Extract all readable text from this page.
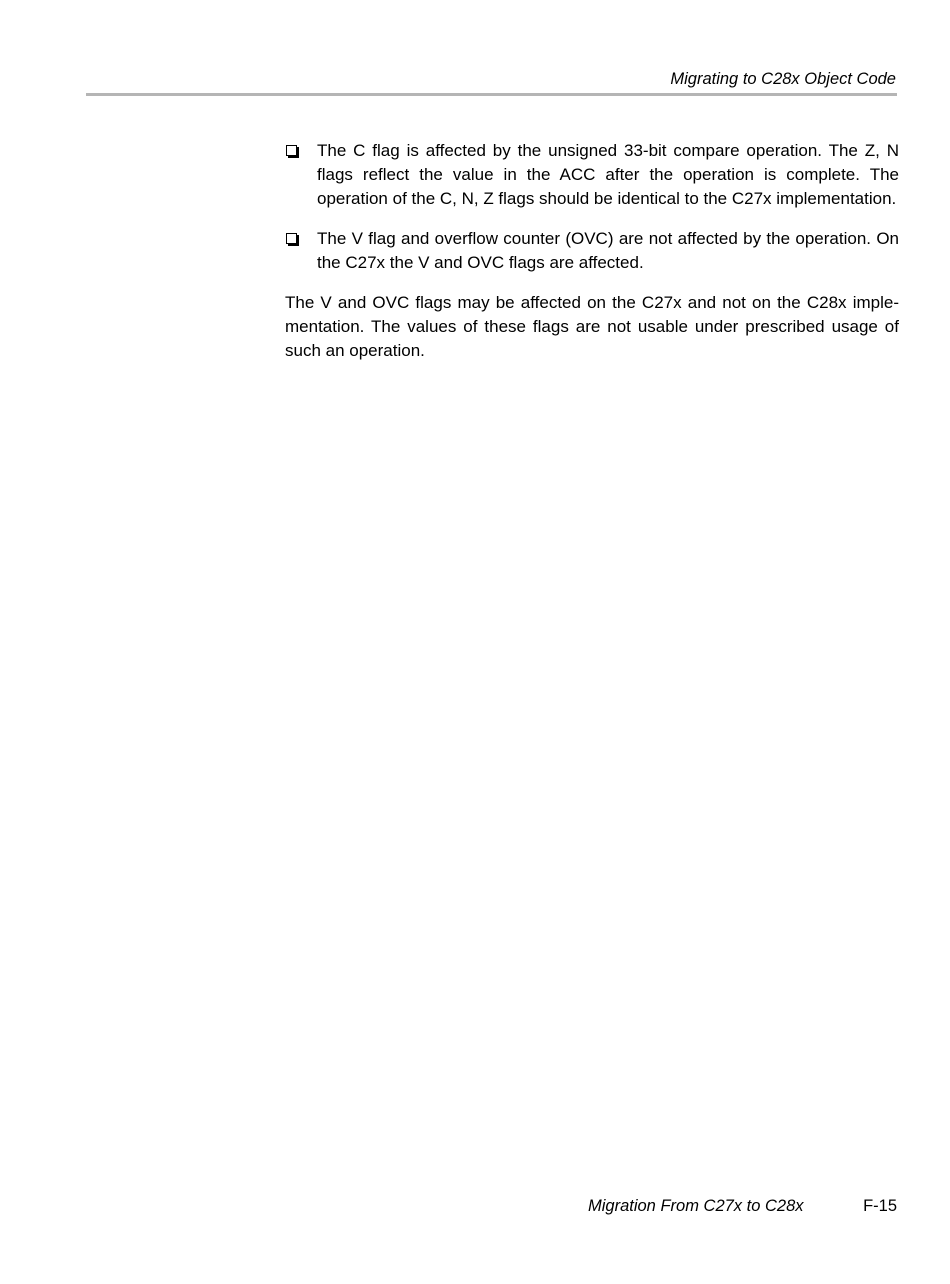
Migrating to C28x Object Code
The C flag is affected by the unsigned 33-bit compare operation. The Z, N flags reflect the value in the ACC after the operation is complete. The operation of the C, N, Z flags should be identical to the C27x implementation.
The V flag and overflow counter (OVC) are not affected by the operation. On the C27x the V and OVC flags are affected.

The V and OVC flags may be affected on the C27x and not on the C28x implementation. The values of these flags are not usable under prescribed usage of such an operation.

Migration From C27x to C28x	F-15
